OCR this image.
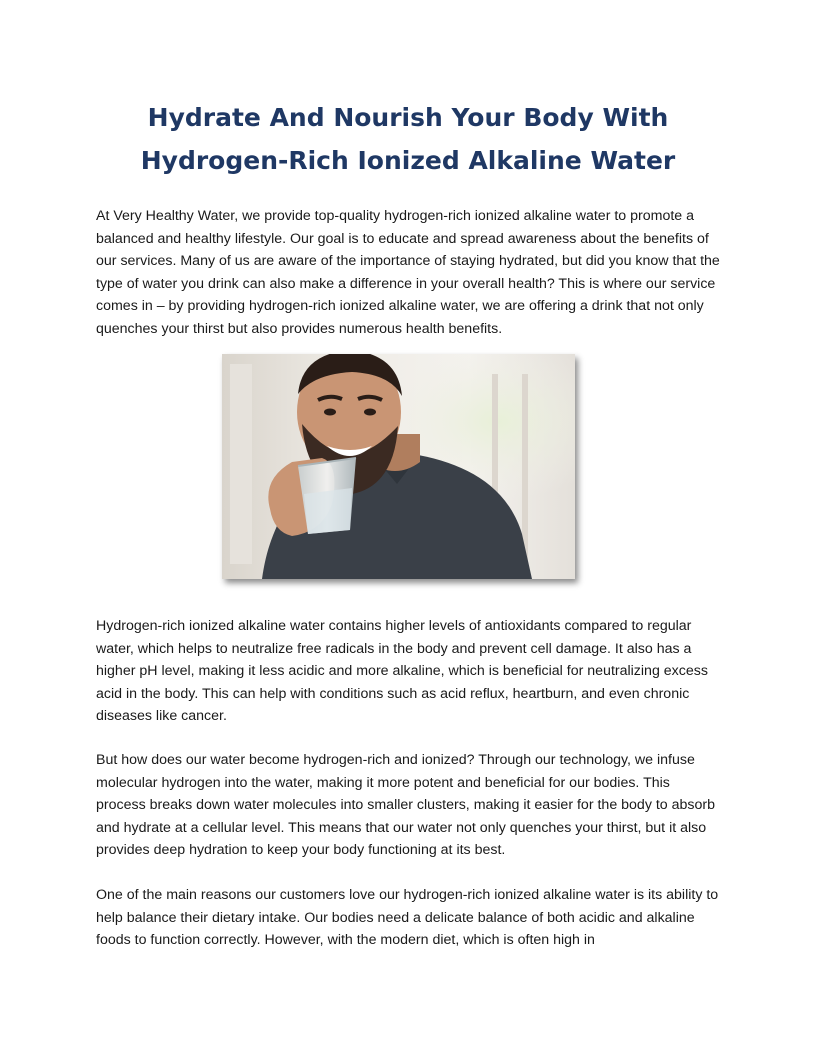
Hydrate And Nourish Your Body With
Hydrogen-Rich Ionized Alkaline Water

At Very Healthy Water, we provide top-quality hydrogen-rich ionized alkaline water to promote a balanced and healthy lifestyle. Our goal is to educate and spread awareness about the benefits of our services. Many of us are aware of the importance of staying hydrated, but did you know that the type of water you drink can also make a difference in your overall health? This is where our service comes in – by providing hydrogen-rich ionized alkaline water, we are offering a drink that not only quenches your thirst but also provides numerous health benefits.

Hydrogen-rich ionized alkaline water contains higher levels of antioxidants compared to regular water, which helps to neutralize free radicals in the body and prevent cell damage. It also has a higher pH level, making it less acidic and more alkaline, which is beneficial for neutralizing excess acid in the body. This can help with conditions such as acid reflux, heartburn, and even chronic diseases like cancer.

But how does our water become hydrogen-rich and ionized? Through our technology, we infuse molecular hydrogen into the water, making it more potent and beneficial for our bodies. This process breaks down water molecules into smaller clusters, making it easier for the body to absorb and hydrate at a cellular level. This means that our water not only quenches your thirst, but it also provides deep hydration to keep your body functioning at its best.

One of the main reasons our customers love our hydrogen-rich ionized alkaline water is its ability to help balance their dietary intake. Our bodies need a delicate balance of both acidic and alkaline foods to function correctly. However, with the modern diet, which is often high in
